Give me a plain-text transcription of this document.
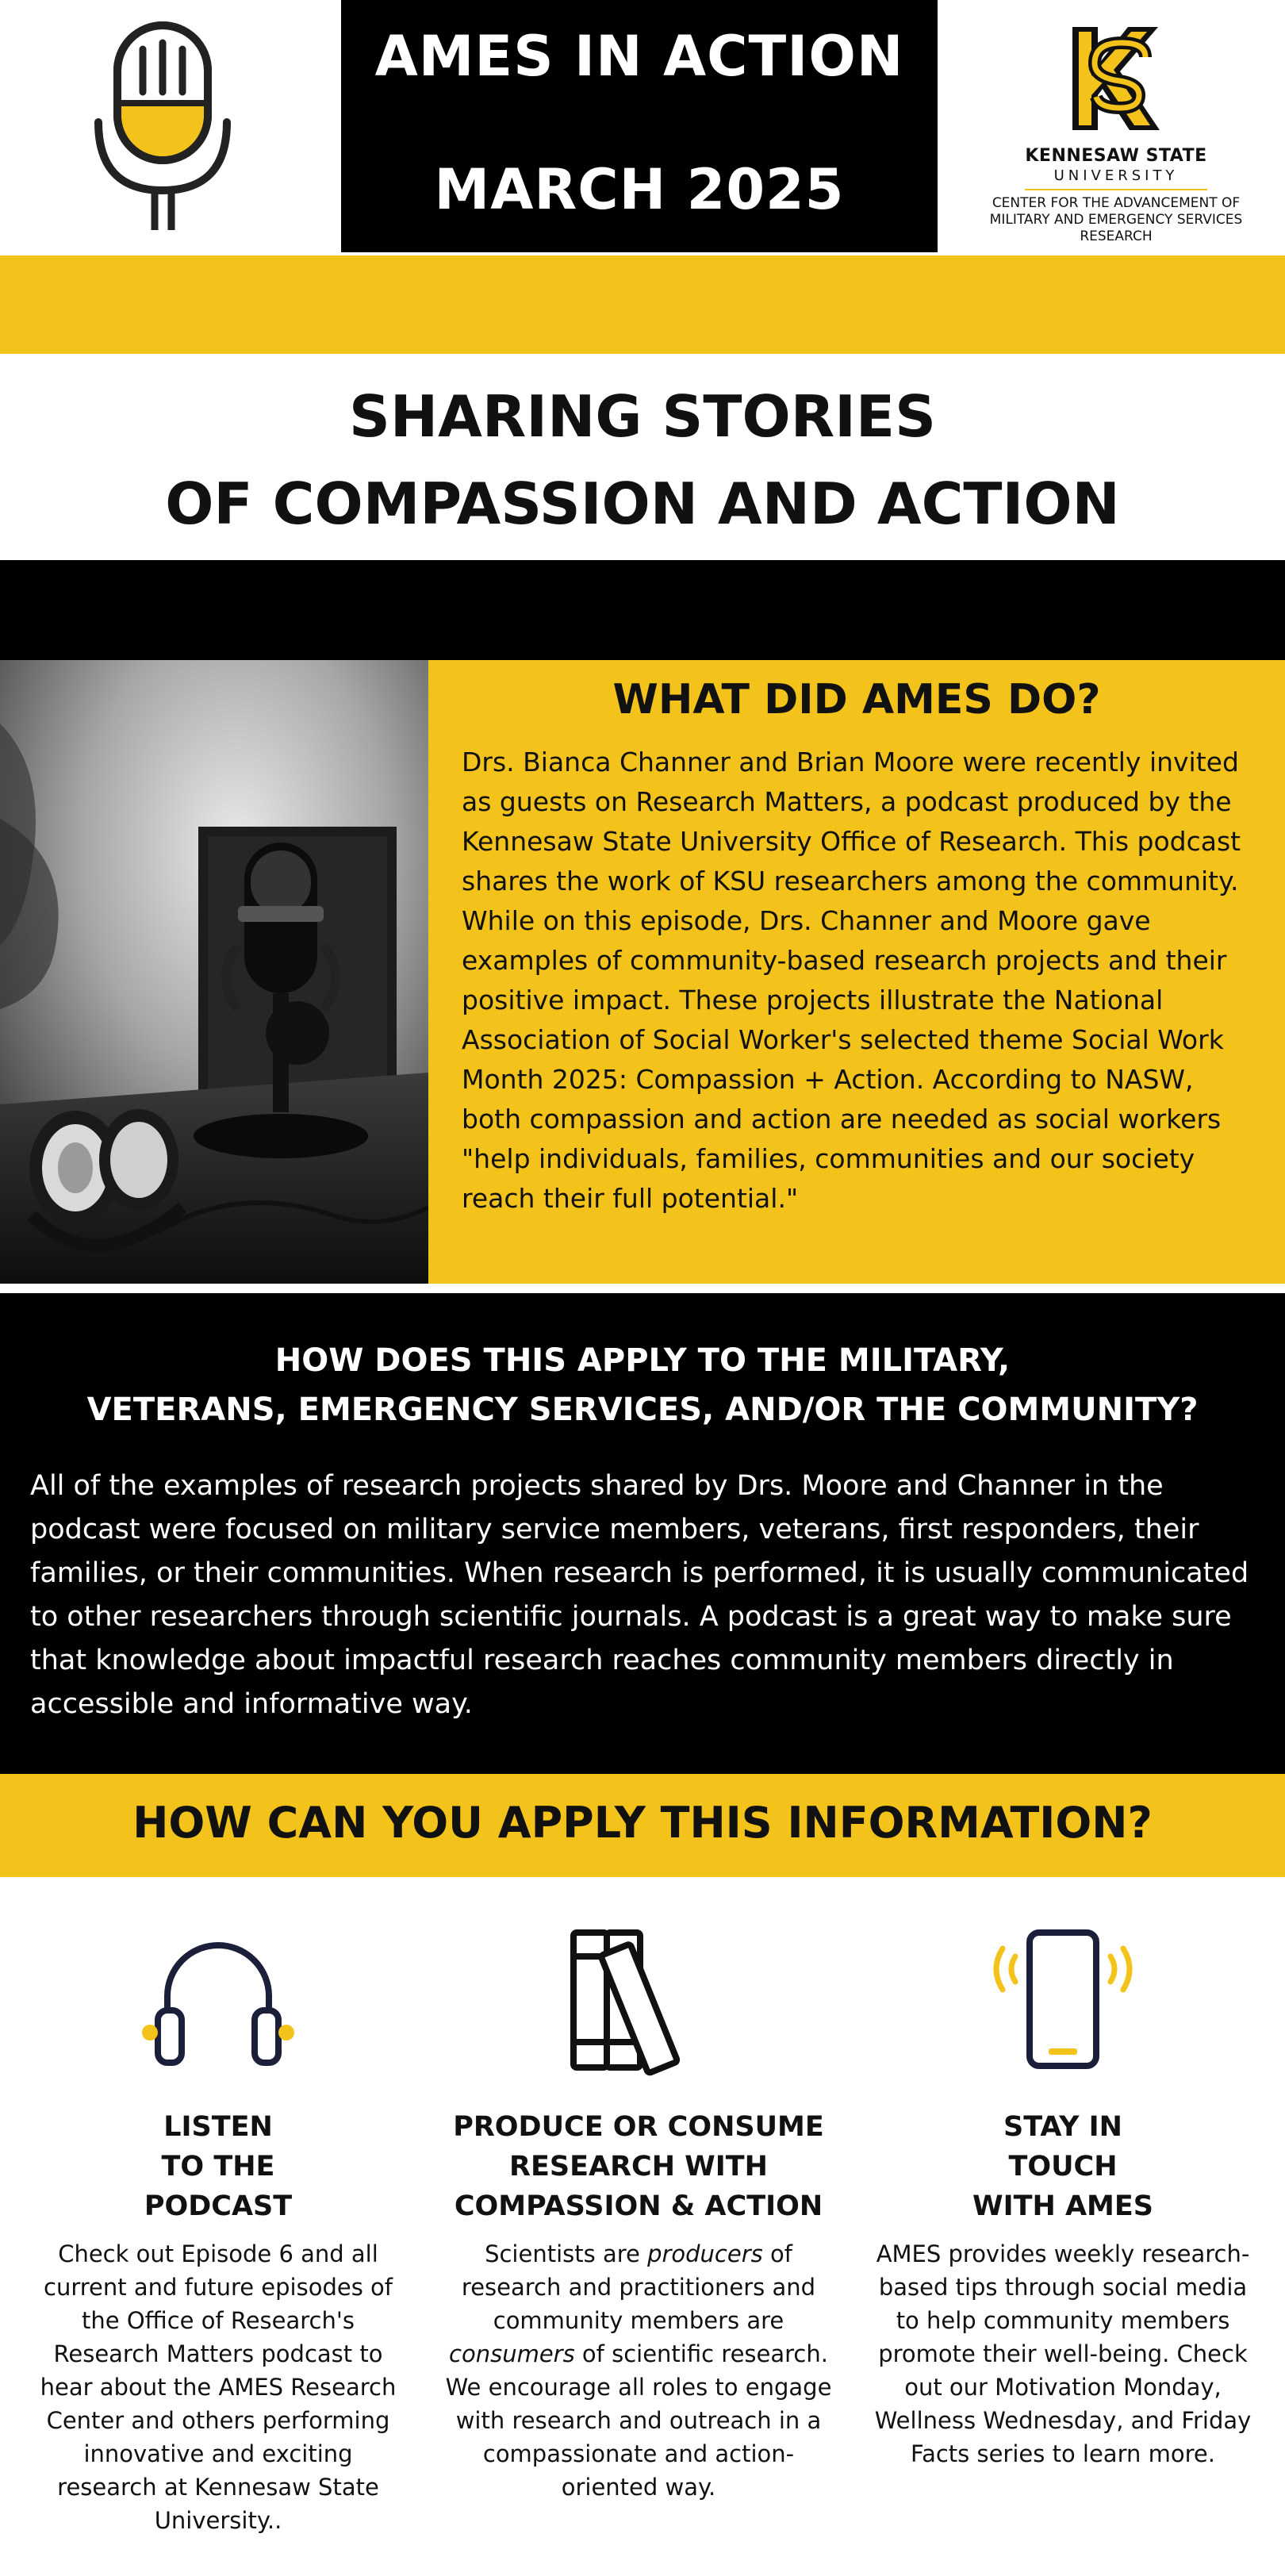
AMES IN ACTION
MARCH 2025
KENNESAW STATE
UNIVERSITY
CENTER FOR THE ADVANCEMENT OF MILITARY AND EMERGENCY SERVICES RESEARCH
SHARING STORIES
OF COMPASSION AND ACTION
WHAT DID AMES DO?

Drs. Bianca Channer and Brian Moore were recently invited as guests on Research Matters, a podcast produced by the Kennesaw State University Office of Research. This podcast shares the work of KSU researchers among the community. While on this episode, Drs. Channer and Moore gave examples of community-based research projects and their positive impact. These projects illustrate the National Association of Social Worker's selected theme Social Work Month 2025: Compassion + Action. According to NASW, both compassion and action are needed as social workers "help individuals, families, communities and our society reach their full potential."

HOW DOES THIS APPLY TO THE MILITARY,
VETERANS, EMERGENCY SERVICES, AND/OR THE COMMUNITY?

All of the examples of research projects shared by Drs. Moore and Channer in the podcast were focused on military service members, veterans, first responders, their families, or their communities. When research is performed, it is usually communicated to other researchers through scientific journals. A podcast is a great way to make sure that knowledge about impactful research reaches community members directly in accessible and informative way.

HOW CAN YOU APPLY THIS INFORMATION?
LISTEN
TO THE
PODCAST

Check out Episode 6 and all current and future episodes of the Office of Research's Research Matters podcast to hear about the AMES Research Center and others performing innovative and exciting research at Kennesaw State University..

PRODUCE OR CONSUME
RESEARCH WITH
COMPASSION & ACTION

Scientists are producers of research and practitioners and community members are consumers of scientific research. We encourage all roles to engage with research and outreach in a compassionate and action-oriented way.

STAY IN
TOUCH
WITH AMES

AMES provides weekly research-based tips through social media to help community members promote their well-being. Check out our Motivation Monday, Wellness Wednesday, and Friday Facts series to learn more.
